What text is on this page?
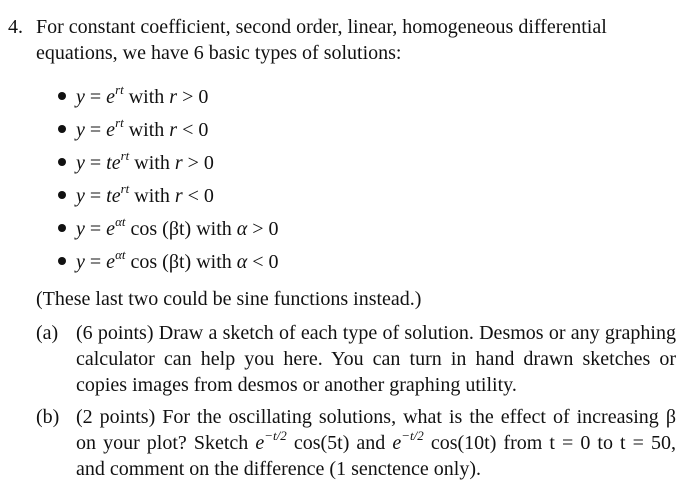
4. For constant coefficient, second order, linear, homogeneous differential
equations, we have 6 basic types of solutions:
$y = e^{rt}$ with r > 0
$y = e^{rt}$ with r < 0
$y = te^{rt}$ with r > 0
$y = te^{rt}$ with r < 0
$y = e^{\alpha t}$ cos (βt) with α > 0
$y = e^{\alpha t}$ cos (βt) with α < 0
(These last two could be sine functions instead.)
(a) (6 points) Draw a sketch of each type of solution. Desmos or any graphing calculator can help you here. You can turn in hand drawn sketches or copies images from desmos or another graphing utility.
(b) (2 points) For the oscillating solutions, what is the effect of increasing β on your plot? Sketch $e^{-t/2}$ cos(5t) and $e^{-t/2}$ cos(10t) from t = 0 to t = 50, and comment on the difference (1 senctence only).
